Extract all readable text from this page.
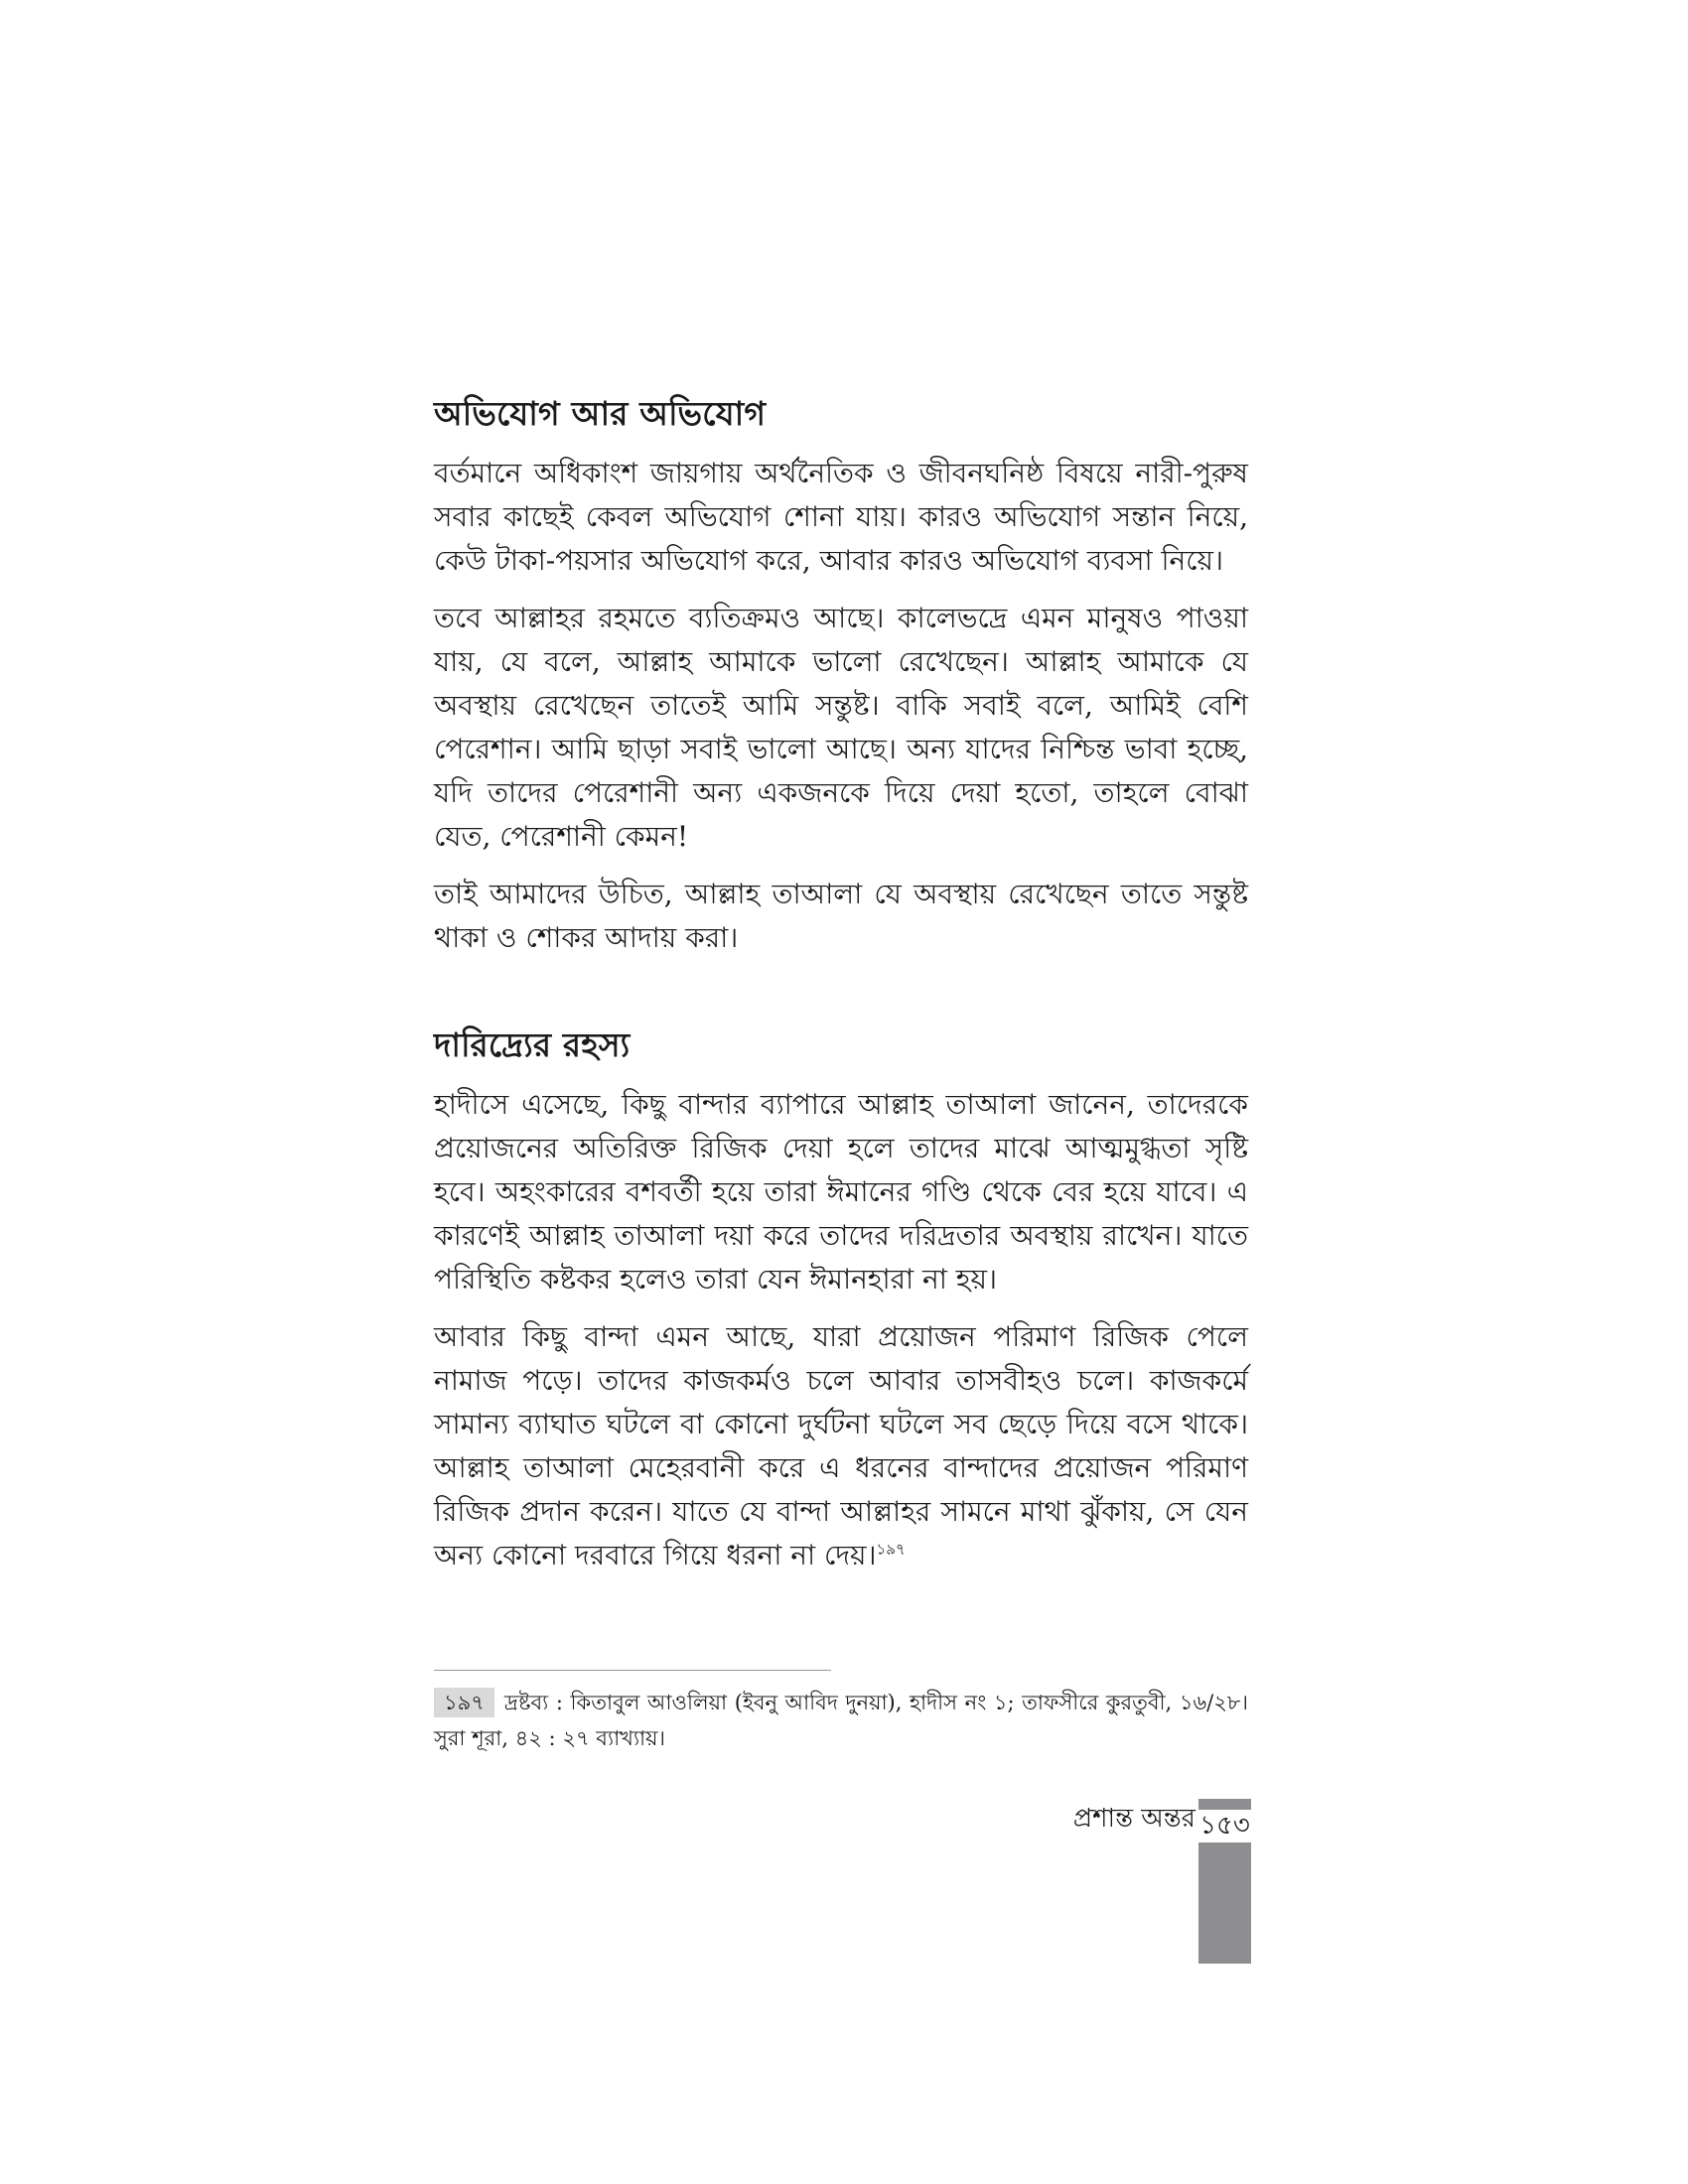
অভিযোগ আর অভিযোগ

বর্তমানে অধিকাংশ জায়গায় অর্থনৈতিক ও জীবনঘনিষ্ঠ বিষয়ে নারী-পুরুষ সবার কাছেই কেবল অভিযোগ শোনা যায়। কারও অভিযোগ সন্তান নিয়ে, কেউ টাকা-পয়সার অভিযোগ করে, আবার কারও অভিযোগ ব্যবসা নিয়ে।

তবে আল্লাহর রহমতে ব্যতিক্রমও আছে। কালেভদ্রে এমন মানুষও পাওয়া যায়, যে বলে, আল্লাহ আমাকে ভালো রেখেছেন। আল্লাহ আমাকে যে অবস্থায় রেখেছেন তাতেই আমি সন্তুষ্ট। বাকি সবাই বলে, আমিই বেশি পেরেশান। আমি ছাড়া সবাই ভালো আছে। অন্য যাদের নিশ্চিন্ত ভাবা হচ্ছে, যদি তাদের পেরেশানী অন্য একজনকে দিয়ে দেয়া হতো, তাহলে বোঝা যেত, পেরেশানী কেমন!

তাই আমাদের উচিত, আল্লাহ তাআলা যে অবস্থায় রেখেছেন তাতে সন্তুষ্ট থাকা ও শোকর আদায় করা।

দারিদ্র্যের রহস্য

হাদীসে এসেছে, কিছু বান্দার ব্যাপারে আল্লাহ তাআলা জানেন, তাদেরকে প্রয়োজনের অতিরিক্ত রিজিক দেয়া হলে তাদের মাঝে আত্মমুগ্ধতা সৃষ্টি হবে। অহংকারের বশবর্তী হয়ে তারা ঈমানের গণ্ডি থেকে বের হয়ে যাবে। এ কারণেই আল্লাহ তাআলা দয়া করে তাদের দরিদ্রতার অবস্থায় রাখেন। যাতে পরিস্থিতি কষ্টকর হলেও তারা যেন ঈমানহারা না হয়।

আবার কিছু বান্দা এমন আছে, যারা প্রয়োজন পরিমাণ রিজিক পেলে নামাজ পড়ে। তাদের কাজকর্মও চলে আবার তাসবীহও চলে। কাজকর্মে সামান্য ব্যাঘাত ঘটলে বা কোনো দুর্ঘটনা ঘটলে সব ছেড়ে দিয়ে বসে থাকে। আল্লাহ তাআলা মেহেরবানী করে এ ধরনের বান্দাদের প্রয়োজন পরিমাণ রিজিক প্রদান করেন। যাতে যে বান্দা আল্লাহর সামনে মাথা ঝুঁকায়, সে যেন অন্য কোনো দরবারে গিয়ে ধরনা না দেয়।$^{১৯৭}$

১৯৭ দ্রষ্টব্য : কিতাবুল আওলিয়া (ইবনু আবিদ দুনয়া), হাদীস নং ১; তাফসীরে কুরতুবী, ১৬/২৮। সুরা শূরা, ৪২ : ২৭ ব্যাখ্যায়।
প্রশান্ত অন্তর ১৫৩
